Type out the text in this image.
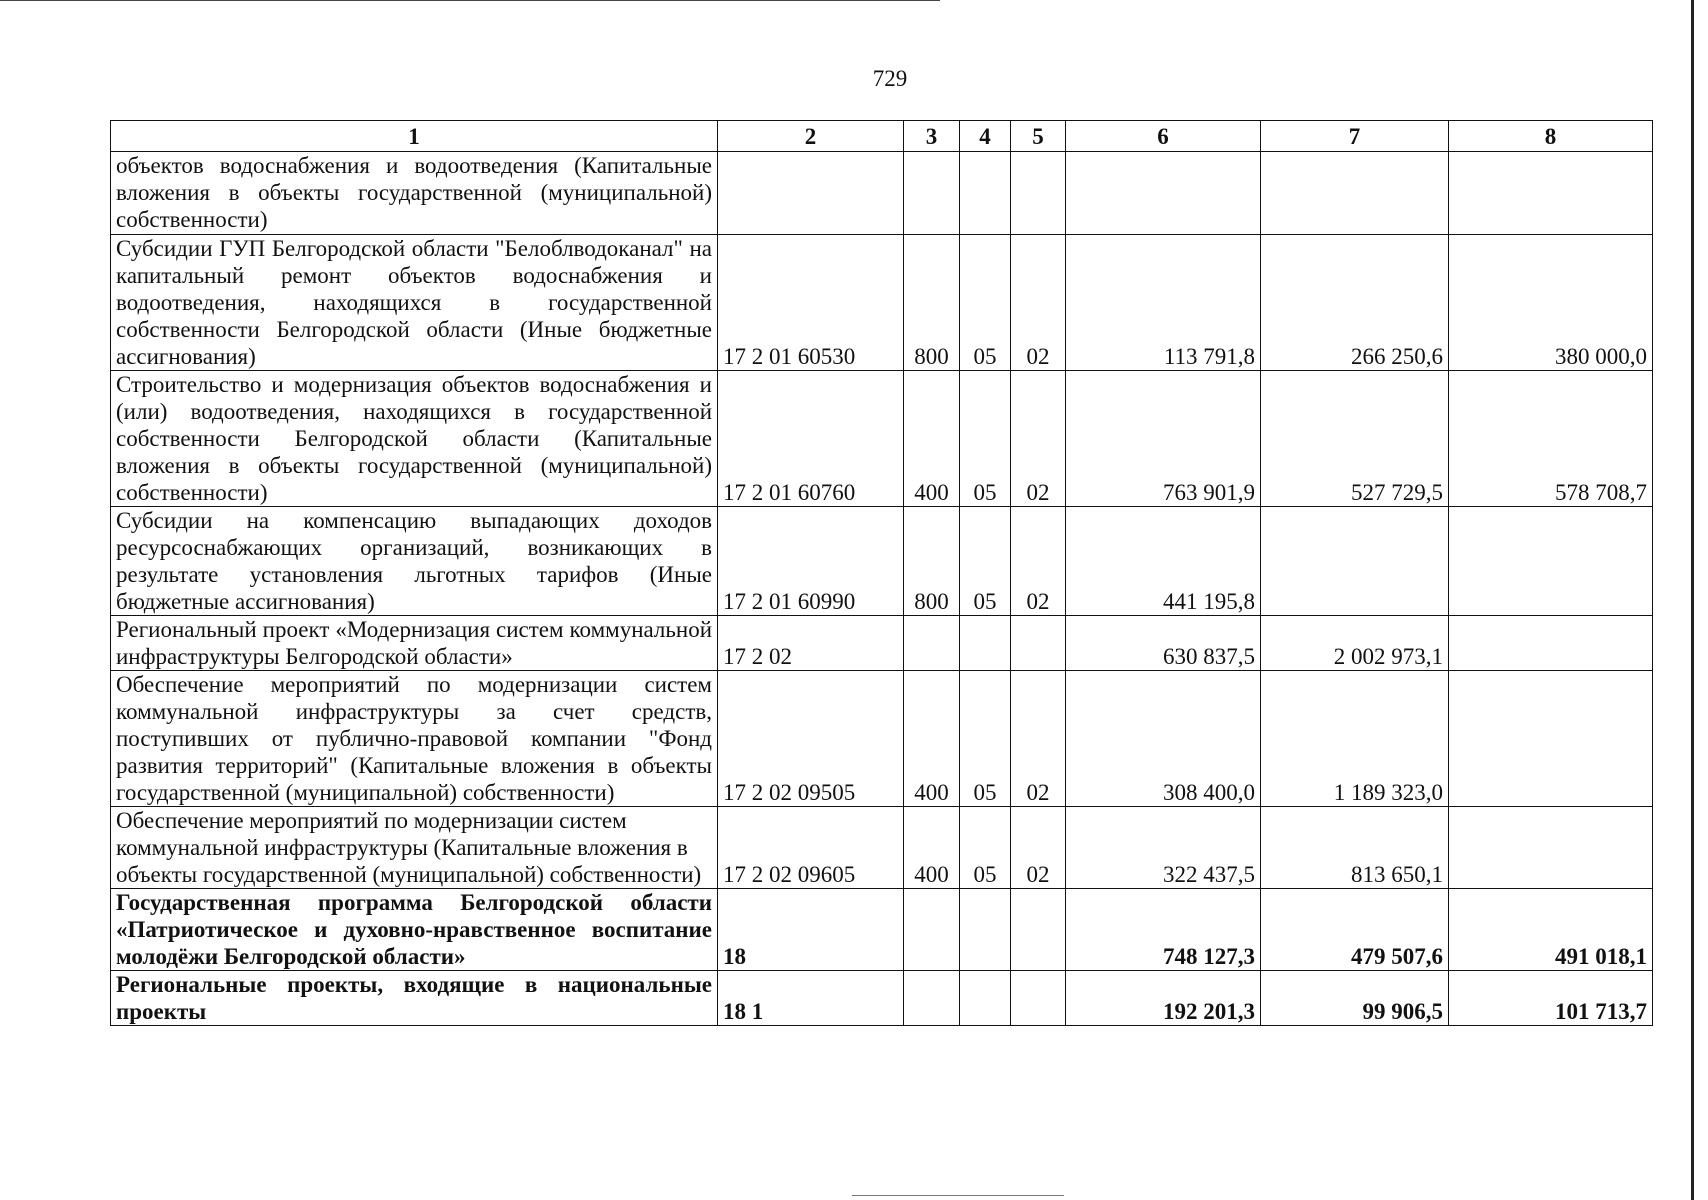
729
1	2	3	4	5	6	7	8
объектов водоснабжения и водоотведения (Капитальные вложения в объекты государственной (муниципальной) собственности)							
Субсидии ГУП Белгородской области "Белоблводоканал" на капитальный ремонт объектов водоснабжения и водоотведения, находящихся в государственной собственности Белгородской области (Иные бюджетные ассигнования)	17 2 01 60530	800	05	02	113 791,8	266 250,6	380 000,0
Строительство и модернизация объектов водоснабжения и (или) водоотведения, находящихся в государственной собственности Белгородской области (Капитальные вложения в объекты государственной (муниципальной) собственности)	17 2 01 60760	400	05	02	763 901,9	527 729,5	578 708,7
Субсидии на компенсацию выпадающих доходов ресурсоснабжающих организаций, возникающих в результате установления льготных тарифов (Иные бюджетные ассигнования)	17 2 01 60990	800	05	02	441 195,8		
Региональный проект «Модернизация систем коммунальной инфраструктуры Белгородской области»	17 2 02				630 837,5	2 002 973,1	
Обеспечение мероприятий по модернизации систем коммунальной инфраструктуры за счет средств, поступивших от публично-правовой компании "Фонд развития территорий" (Капитальные вложения в объекты государственной (муниципальной) собственности)	17 2 02 09505	400	05	02	308 400,0	1 189 323,0	
Обеспечение мероприятий по модернизации систем коммунальной инфраструктуры (Капитальные вложения в объекты государственной (муниципальной) собственности)	17 2 02 09605	400	05	02	322 437,5	813 650,1	
Государственная программа Белгородской области «Патриотическое и духовно-нравственное воспитание молодёжи Белгородской области»	18				748 127,3	479 507,6	491 018,1
Региональные проекты, входящие в национальные проекты	18 1				192 201,3	99 906,5	101 713,7
